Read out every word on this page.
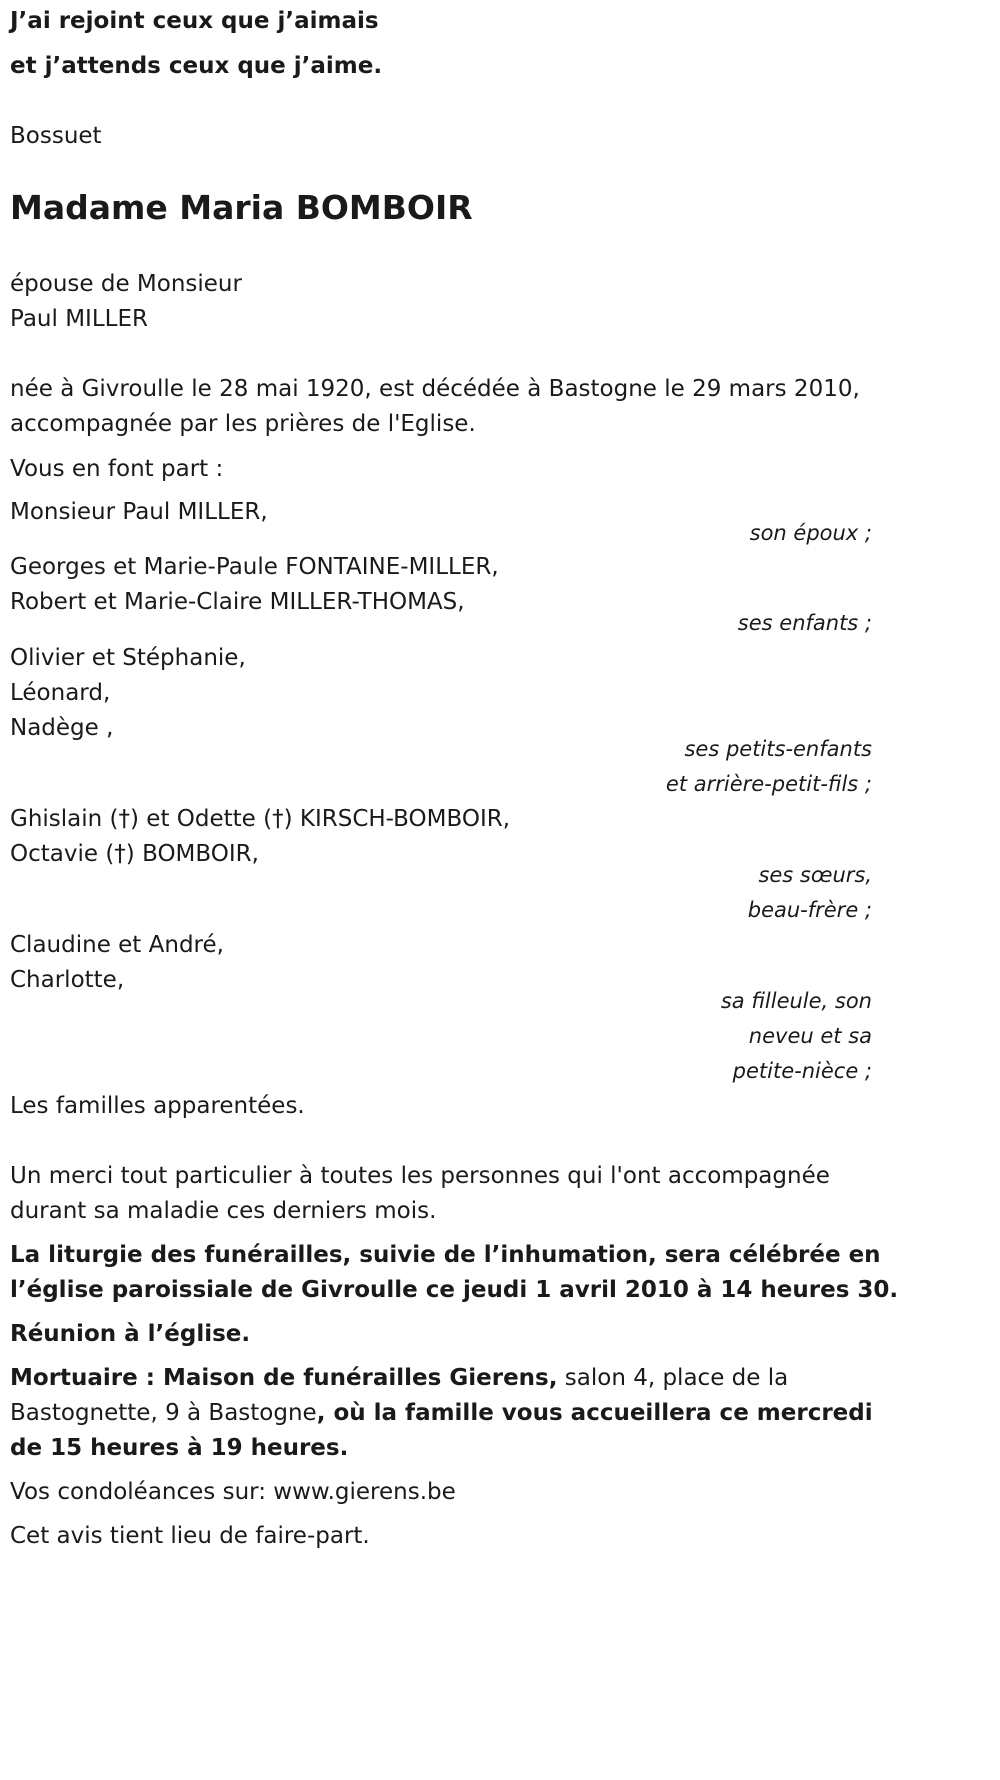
J’ai rejoint ceux que j’aimais
et j’attends ceux que j’aime.
Bossuet
Madame Maria BOMBOIR
épouse de Monsieur
Paul MILLER
née à Givroulle le 28 mai 1920, est décédée à Bastogne le 29 mars 2010,
accompagnée par les prières de l'Eglise.
Vous en font part :
Monsieur Paul MILLER,
son époux ;
Georges et Marie-Paule FONTAINE-MILLER,
Robert et Marie-Claire MILLER-THOMAS,
ses enfants ;
Olivier et Stéphanie,
Léonard,
Nadège ,
ses petits-enfants
et arrière-petit-fils ;
Ghislain (†) et Odette (†) KIRSCH-BOMBOIR,
Octavie (†) BOMBOIR,
ses sœurs,
beau-frère ;
Claudine et André,
Charlotte,
sa filleule, son
neveu et sa
petite-nièce ;
Les familles apparentées.
Un merci tout particulier à toutes les personnes qui l'ont accompagnée
durant sa maladie ces derniers mois.
La liturgie des funérailles, suivie de l’inhumation, sera célébrée en
l’église paroissiale de Givroulle ce jeudi 1 avril 2010 à 14 heures 30.
Réunion à l’église.
Mortuaire : Maison de funérailles Gierens, salon 4, place de la
Bastognette, 9 à Bastogne, où la famille vous accueillera ce mercredi
de 15 heures à 19 heures.
Vos condoléances sur: www.gierens.be
Cet avis tient lieu de faire-part.
